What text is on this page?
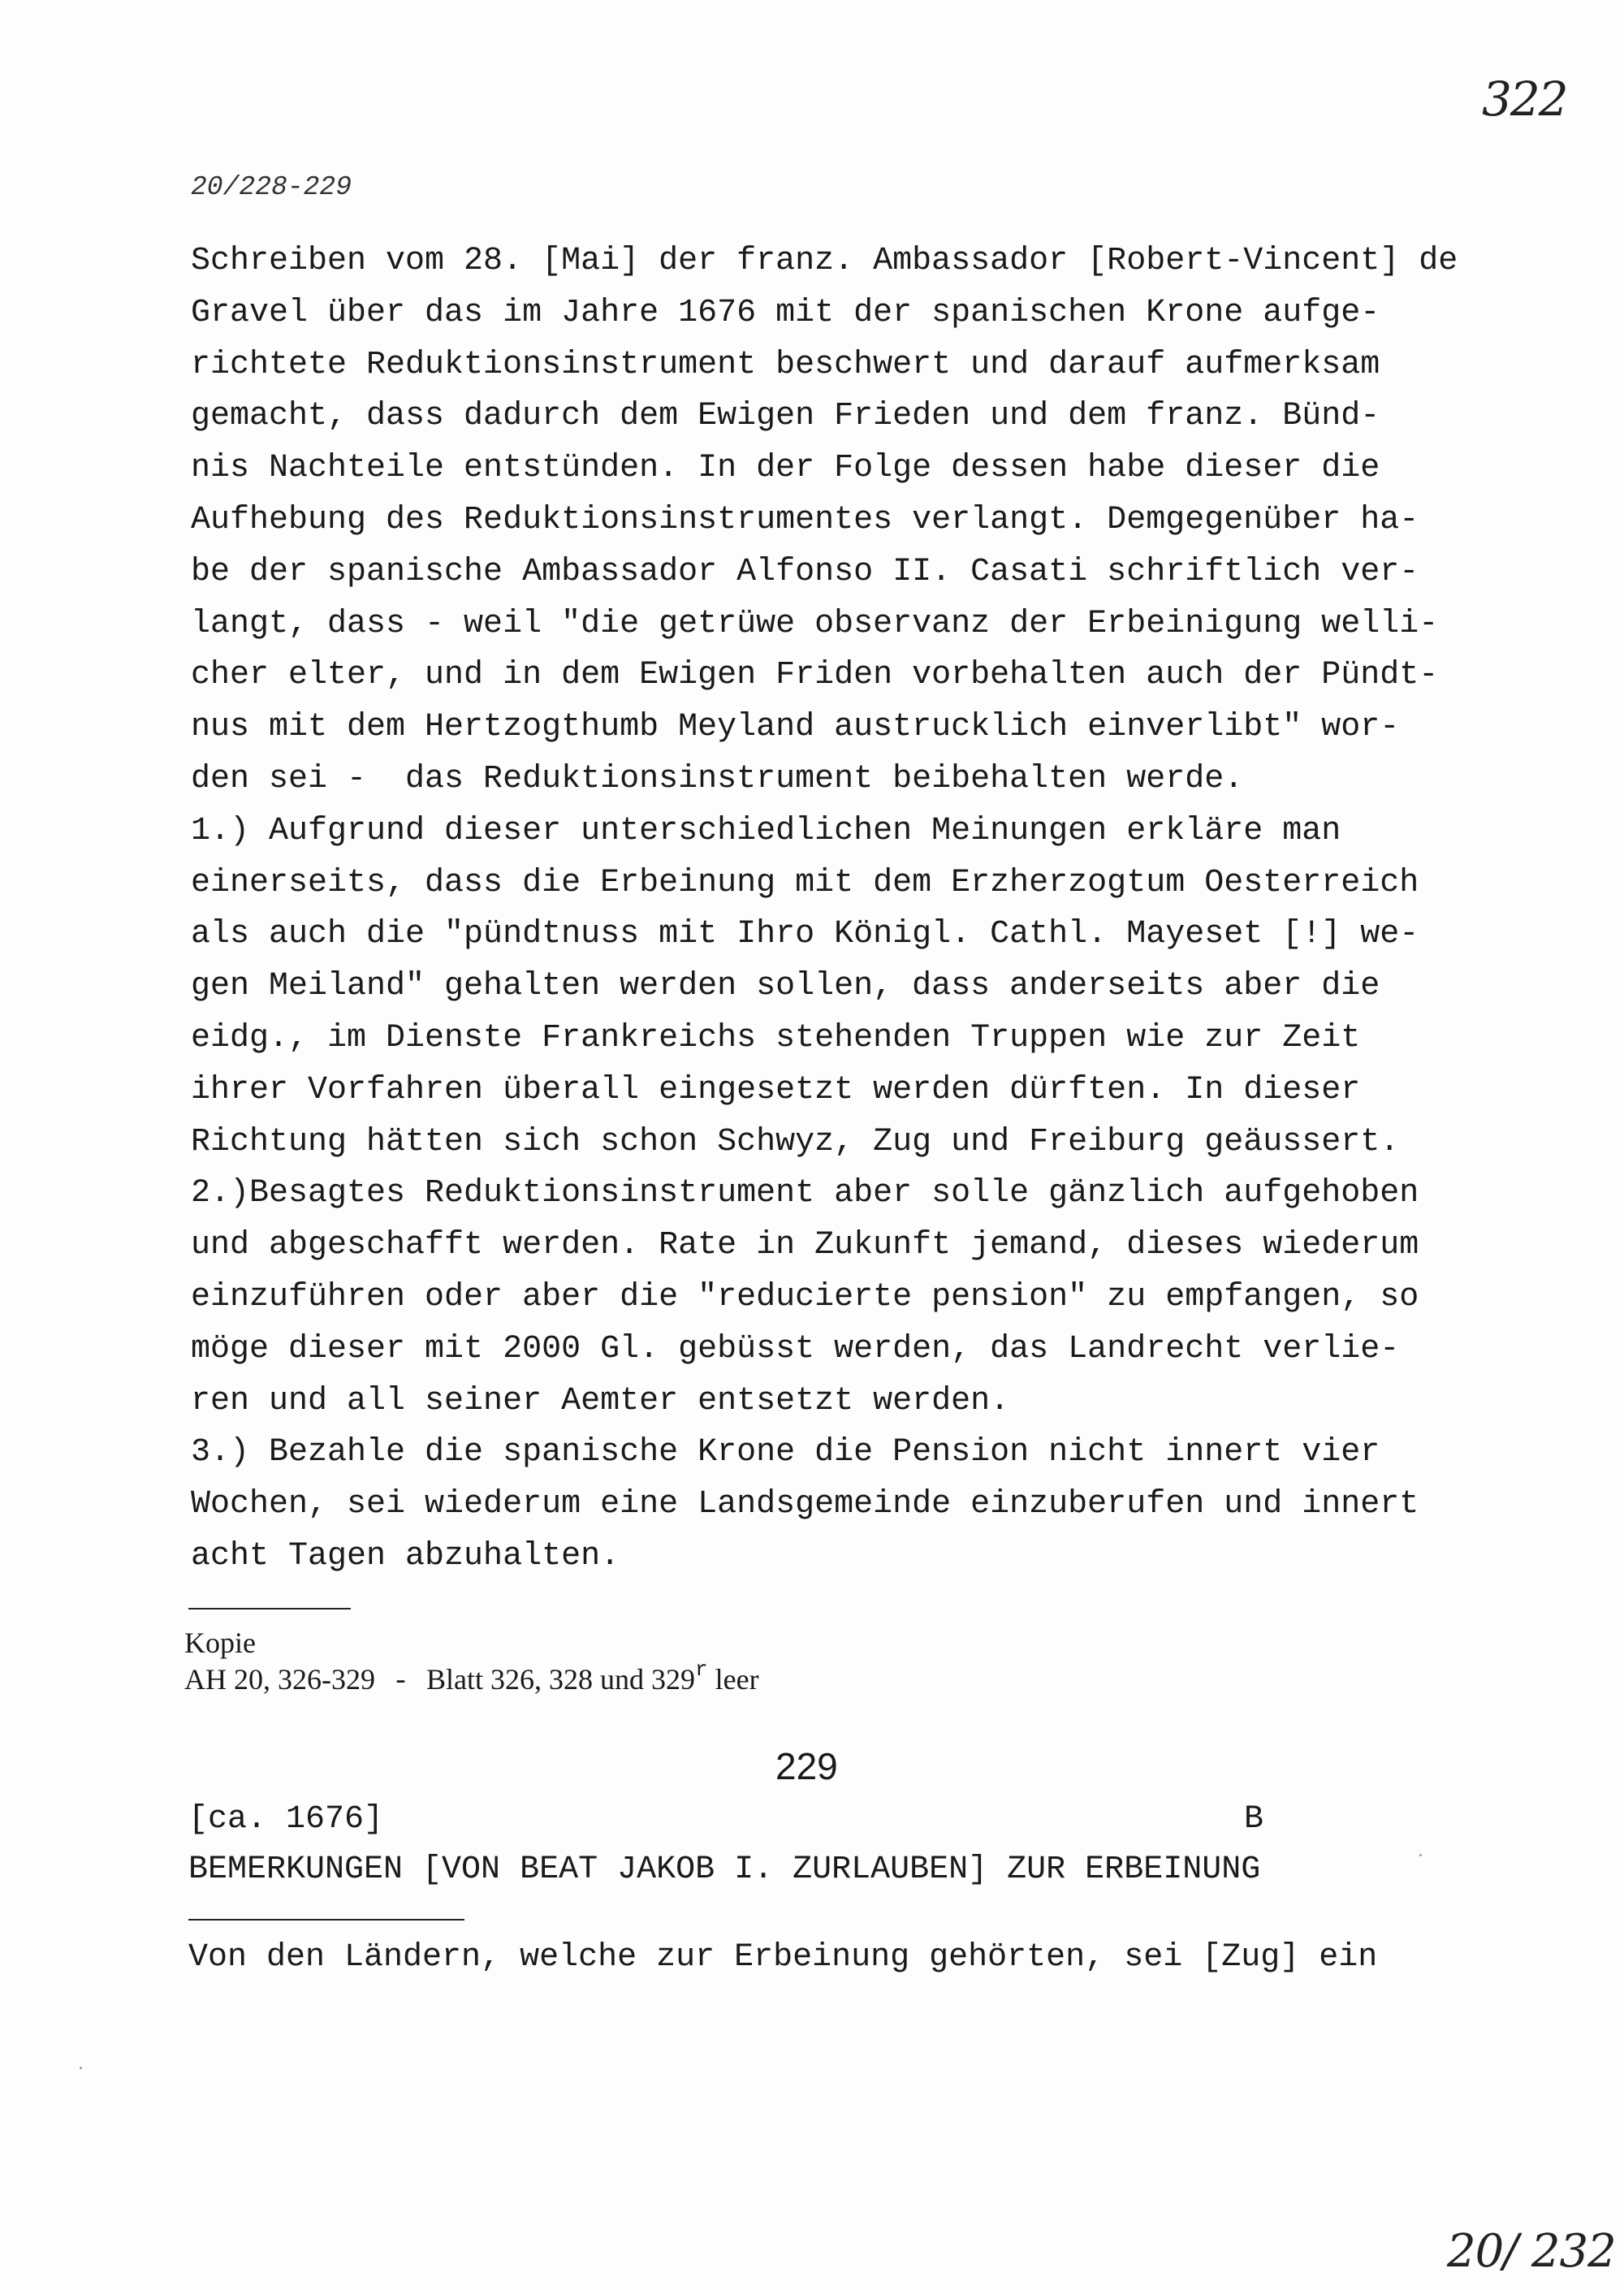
322
20/228-229
Schreiben vom 28. [Mai] der franz. Ambassador [Robert-Vincent] de
Gravel über das im Jahre 1676 mit der spanischen Krone aufge-
richtete Reduktionsinstrument beschwert und darauf aufmerksam
gemacht, dass dadurch dem Ewigen Frieden und dem franz. Bünd-
nis Nachteile entstünden. In der Folge dessen habe dieser die
Aufhebung des Reduktionsinstrumentes verlangt. Demgegenüber ha-
be der spanische Ambassador Alfonso II. Casati schriftlich ver-
langt, dass - weil "die getrüwe observanz der Erbeinigung welli-
cher elter, und in dem Ewigen Friden vorbehalten auch der Pündt-
nus mit dem Hertzogthumb Meyland austrucklich einverlibt" wor-
den sei -  das Reduktionsinstrument beibehalten werde.
1.) Aufgrund dieser unterschiedlichen Meinungen erkläre man
einerseits, dass die Erbeinung mit dem Erzherzogtum Oesterreich
als auch die "pündtnuss mit Ihro Königl. Cathl. Mayeset [!] we-
gen Meiland" gehalten werden sollen, dass anderseits aber die
eidg., im Dienste Frankreichs stehenden Truppen wie zur Zeit
ihrer Vorfahren überall eingesetzt werden dürften. In dieser
Richtung hätten sich schon Schwyz, Zug und Freiburg geäussert.
2.)Besagtes Reduktionsinstrument aber solle gänzlich aufgehoben
und abgeschafft werden. Rate in Zukunft jemand, dieses wiederum
einzuführen oder aber die "reducierte pension" zu empfangen, so
möge dieser mit 2000 Gl. gebüsst werden, das Landrecht verlie-
ren und all seiner Aemter entsetzt werden.
3.) Bezahle die spanische Krone die Pension nicht innert vier
Wochen, sei wiederum eine Landsgemeinde einzuberufen und innert
acht Tagen abzuhalten.
Kopie
AH 20, 326-329 - Blatt 326, 328 und 329$^r$ leer
229
[ca. 1676]	B
BEMERKUNGEN [VON BEAT JAKOB I. ZURLAUBEN] ZUR ERBEINUNG
Von den Ländern, welche zur Erbeinung gehörten, sei [Zug] ein
20/ 232
